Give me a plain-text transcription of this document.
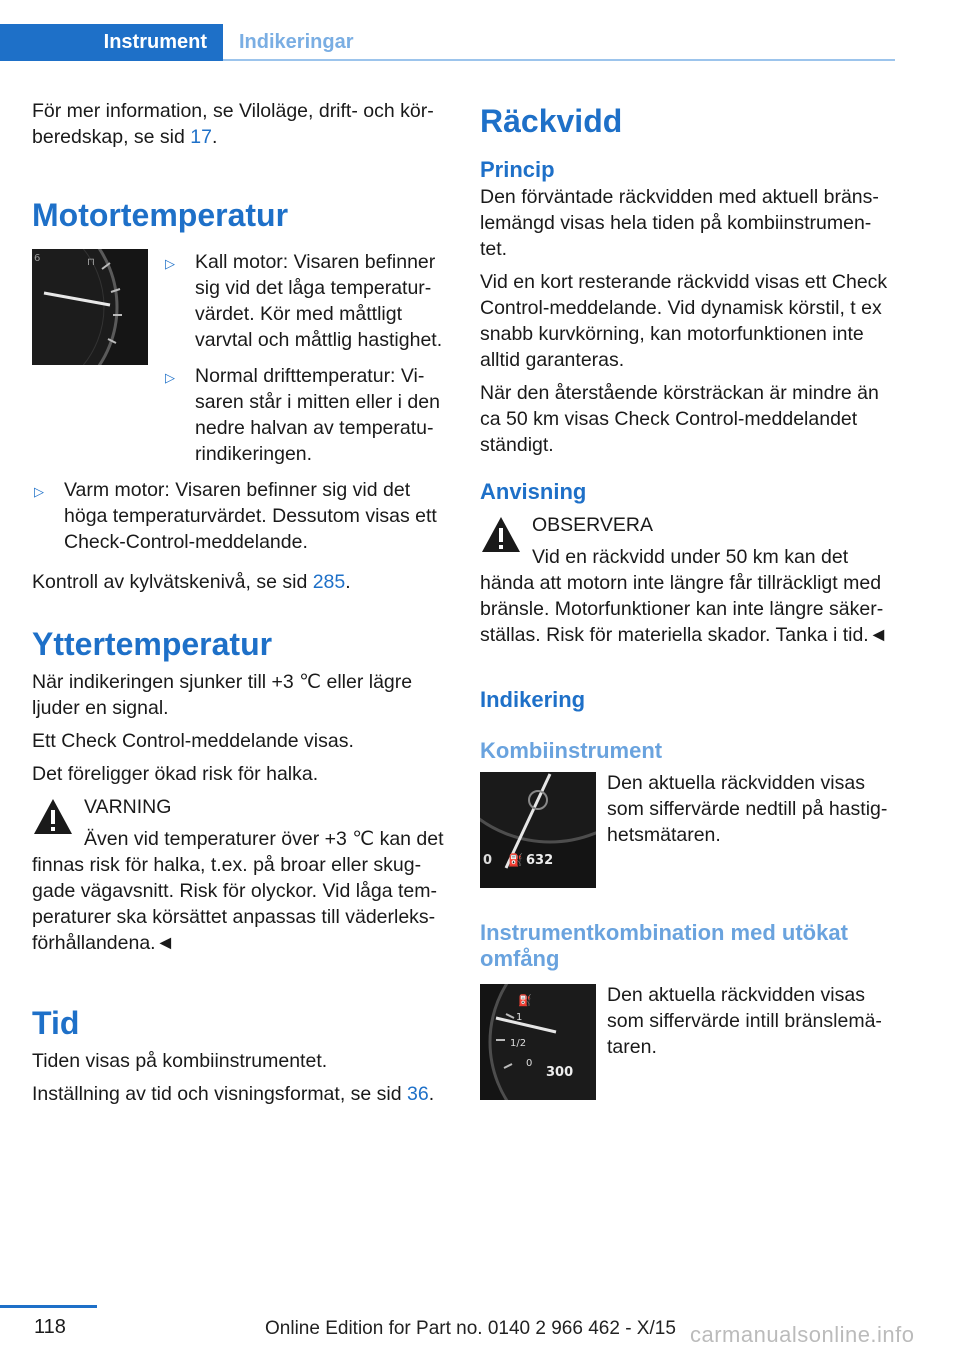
Instrument	Indikeringar

För mer information, se Viloläge, drift- och kör-beredskap, se sid 17.

Motortemperatur
⊓
6	▷ Kall motor: Visaren befinner sig vid det låga temperatur-värdet. Kör med måttligt varvtal och måttlig hastighet.
▷ Normal drifttemperatur: Vi-saren står i mitten eller i den nedre halvan av temperatu-rindikeringen.
▷ Varm motor: Visaren befinner sig vid det höga temperaturvärdet. Dessutom visas ett Check-Control-meddelande.

Kontroll av kylvätskenivå, se sid 285.

Yttertemperatur

När indikeringen sjunker till +3 ℃ eller lägre ljuder en signal.

Ett Check Control-meddelande visas.

Det föreligger ökad risk för halka.

VARNING

Även vid temperaturer över +3 ℃ kan det finnas risk för halka, t.ex. på broar eller skug-gade vägavsnitt. Risk för olyckor. Vid låga tem-peraturer ska körsättet anpassas till väderleks-förhållandena.◄

Tid

Tiden visas på kombiinstrumentet.

Inställning av tid och visningsformat, se sid 36.

Räckvidd
Princip

Den förväntade räckvidden med aktuell bräns-lemängd visas hela tiden på kombiinstrumen-tet.

Vid en kort resterande räckvidd visas ett Check Control-meddelande. Vid dynamisk körstil, t ex snabb kurvkörning, kan motorfunktionen inte alltid garanteras.

När den återstående körsträckan är mindre än ca 50 km visas Check Control-meddelandet ständigt.

Anvisning

OBSERVERA

Vid en räckvidd under 50 km kan det hända att motorn inte längre får tillräckligt med bränsle. Motorfunktioner kan inte längre säker-ställas. Risk för materiella skador. Tanka i tid.◄

Indikering
Kombiinstrument
0 ⛽ 632

Den aktuella räckvidden visas som siffervärde nedtill på hastig-hetsmätaren.

Instrumentkombination med utökat omfång
⛽
1
1/2
0
300

Den aktuella räckvidden visas som siffervärde intill bränslemä-taren.

118	Online Edition for Part no. 0140 2 966 462 - X/15 carmanualsonline.info
